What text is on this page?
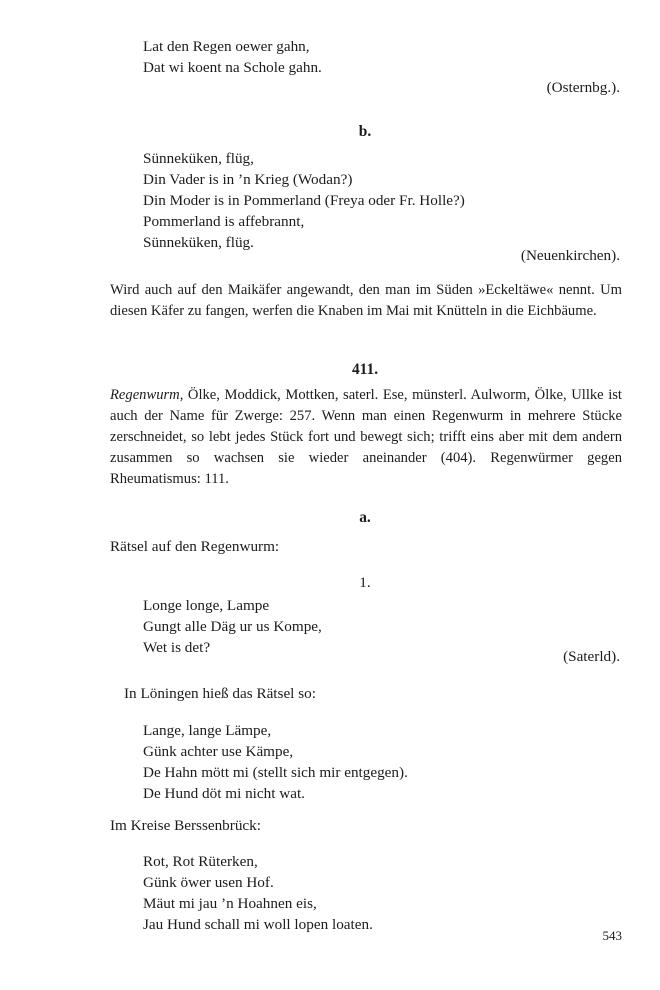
Lat den Regen oewer gahn,
Dat wi koent na Schole gahn.
(Osternbg.).
b.
Sünneküken, flüg,
Din Vader is in ’n Krieg (Wodan?)
Din Moder is in Pommerland (Freya oder Fr. Holle?)
Pommerland is affebrannt,
Sünneküken, flüg.
(Neuenkirchen).
Wird auch auf den Maikäfer angewandt, den man im Süden »Eckeltäwe« nennt. Um diesen Käfer zu fangen, werfen die Knaben im Mai mit Knütteln in die Eichbäume.
411.
Regenwurm, Ölke, Moddick, Mottken, saterl. Ese, münsterl. Aulworm, Ölke, Ullke ist auch der Name für Zwerge: 257. Wenn man einen Regenwurm in mehrere Stücke zerschneidet, so lebt jedes Stück fort und bewegt sich; trifft eins aber mit dem andern zusammen so wachsen sie wieder aneinander (404). Regenwürmer gegen Rheumatismus: 111.
a.
Rätsel auf den Regenwurm:
1.
Longe longe, Lampe
Gungt alle Däg ur us Kompe,
Wet is det?
(Saterld).
In Löningen hieß das Rätsel so:
Lange, lange Lämpe,
Günk achter use Kämpe,
De Hahn mött mi (stellt sich mir entgegen).
De Hund döt mi nicht wat.
Im Kreise Berssenbrück:
Rot, Rot Rüterken,
Günk öwer usen Hof.
Mäut mi jau ’n Hoahnen eis,
Jau Hund schall mi woll lopen loaten.
543
